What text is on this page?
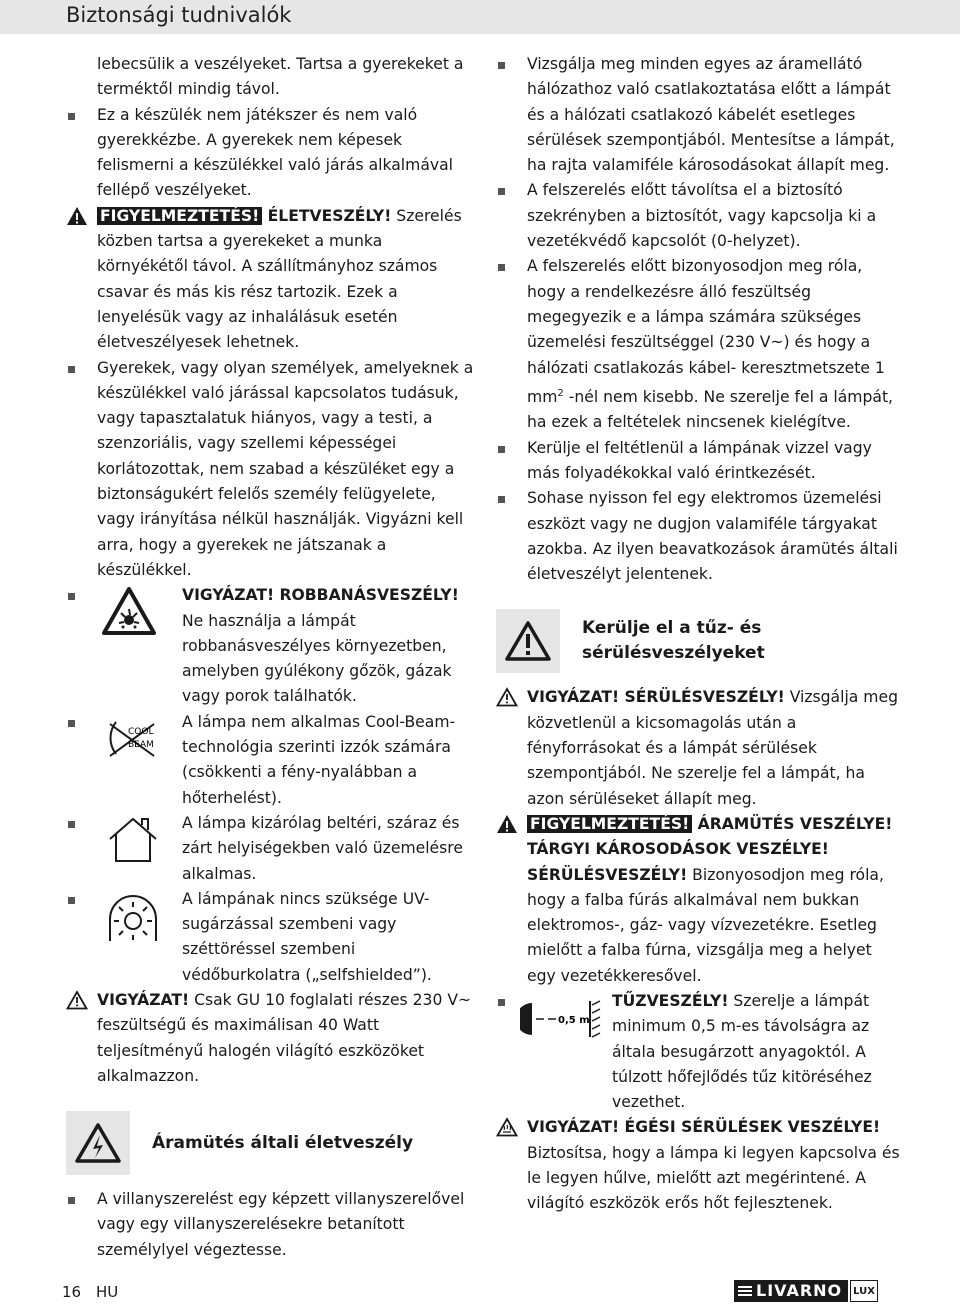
Biztonsági tudnivalók

lebecsülik a veszélyeket. Tartsa a gyerekeket a terméktől mindig távol.

Ez a készülék nem játékszer és nem való gyerekkézbe. A gyerekek nem képesek felismerni a készülékkel való járás alkalmával fellépő veszélyeket.

FIGYELMEZTETÉS! ÉLETVESZÉLY! Szerelés közben tartsa a gyerekeket a munka környékétől távol. A szállítmányhoz számos csavar és más kis rész tartozik. Ezek a lenyelésük vagy az inhalálásuk esetén életveszélyesek lehetnek.

Gyerekek, vagy olyan személyek, amelyeknek a készülékkel való járással kapcsolatos tudásuk, vagy tapasztalatuk hiányos, vagy a testi, a szenzoriális, vagy szellemi képességei korlátozottak, nem szabad a készüléket egy a biztonságukért felelős személy felügyelete, vagy irányítása nélkül használják. Vigyázni kell arra, hogy a gyerekek ne játszanak a készülékkel.

VIGYÁZAT! ROBBANÁSVESZÉLY! Ne használja a lámpát robbanásveszélyes környezetben, amelyben gyúlékony gőzök, gázak vagy porok találhatók.
COOL
BEAM
A lámpa nem alkalmas Cool-Beam-technológia szerinti izzók számára (csökkenti a fény-nyalábban a hőterhelést).
A lámpa kizárólag beltéri, száraz és zárt helyiségekben való üzemelésre alkalmas.
A lámpának nincs szüksége UV-sugárzással szembeni vagy széttöréssel szembeni védőburkolatra („selfshielded”).

VIGYÁZAT! Csak GU 10 foglalati részes 230 V~ feszültségű és maximálisan 40 Watt teljesítményű halogén világító eszközöket alkalmazzon.

Áramütés általi életveszély

A villanyszerelést egy képzett villanyszerelővel vagy egy villanyszerelésekre betanított személylyel végeztesse.

Vizsgálja meg minden egyes az áramellátó hálózathoz való csatlakoztatása előtt a lámpát és a hálózati csatlakozó kábelét esetleges sérülések szempontjából. Mentesítse a lámpát, ha rajta valamiféle károsodásokat állapít meg.

A felszerelés előtt távolítsa el a biztosító szekrényben a biztosítót, vagy kapcsolja ki a vezetékvédő kapcsolót (0-helyzet).

A felszerelés előtt bizonyosodjon meg róla, hogy a rendelkezésre álló feszültség megegyezik e a lámpa számára szükséges üzemelési feszültséggel (230 V~) és hogy a hálózati csatlakozás kábel- keresztmetszete 1 $mm^2$ -nél nem kisebb. Ne szerelje fel a lámpát, ha ezek a feltételek nincsenek kielégítve.

Kerülje el feltétlenül a lámpának vizzel vagy más folyadékokkal való érintkezését.

Sohase nyisson fel egy elektromos üzemelési eszközt vagy ne dugjon valamiféle tárgyakat azokba. Az ilyen beavatkozások áramütés általi életveszélyt jelentenek.

Kerülje el a tűz- és sérülésveszélyeket

VIGYÁZAT! SÉRÜLÉSVESZÉLY! Vizsgálja meg közvetlenül a kicsomagolás után a fényforrásokat és a lámpát sérülések szempontjából. Ne szerelje fel a lámpát, ha azon sérüléseket állapít meg.

FIGYELMEZTETÉS! ÁRAMÜTÉS VESZÉLYE! TÁRGYI KÁROSODÁSOK VESZÉLYE! SÉRÜLÉSVESZÉLY! Bizonyosodjon meg róla, hogy a falba fúrás alkalmával nem bukkan elektromos-, gáz- vagy vízvezetékre. Esetleg mielőtt a falba fúrna, vizsgálja meg a helyet egy vezetékkeresővel.

0,5 m
TŰZVESZÉLY! Szerelje a lámpát minimum 0,5 m-es távolságra az általa besugárzott anyagoktól. A túlzott hőfejlődés tűz kitöréséhez vezethet.

VIGYÁZAT! ÉGÉSI SÉRÜLÉSEK VESZÉLYE! Biztosítsa, hogy a lámpa ki legyen kapcsolva és le legyen hűlve, mielőtt azt megérintené. A világító eszközök erős hőt fejlesztenek.

16 HU	LIVARNO	LUX
